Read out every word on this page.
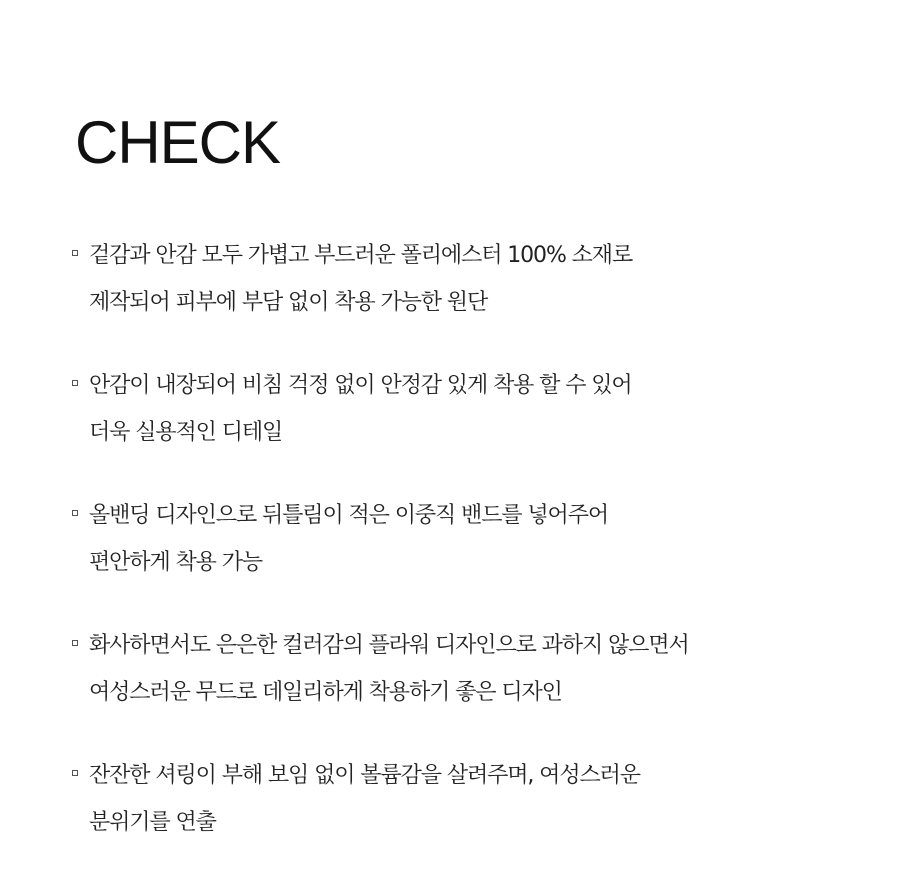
CHECK
겉감과 안감 모두 가볍고 부드러운 폴리에스터 100% 소재로
제작되어 피부에 부담 없이 착용 가능한 원단
안감이 내장되어 비침 걱정 없이 안정감 있게 착용 할 수 있어
더욱 실용적인 디테일
올밴딩 디자인으로 뒤틀림이 적은 이중직 밴드를 넣어주어
편안하게 착용 가능
화사하면서도 은은한 컬러감의 플라워 디자인으로 과하지 않으면서
여성스러운 무드로 데일리하게 착용하기 좋은 디자인
잔잔한 셔링이 부해 보임 없이 볼륨감을 살려주며, 여성스러운
분위기를 연출
